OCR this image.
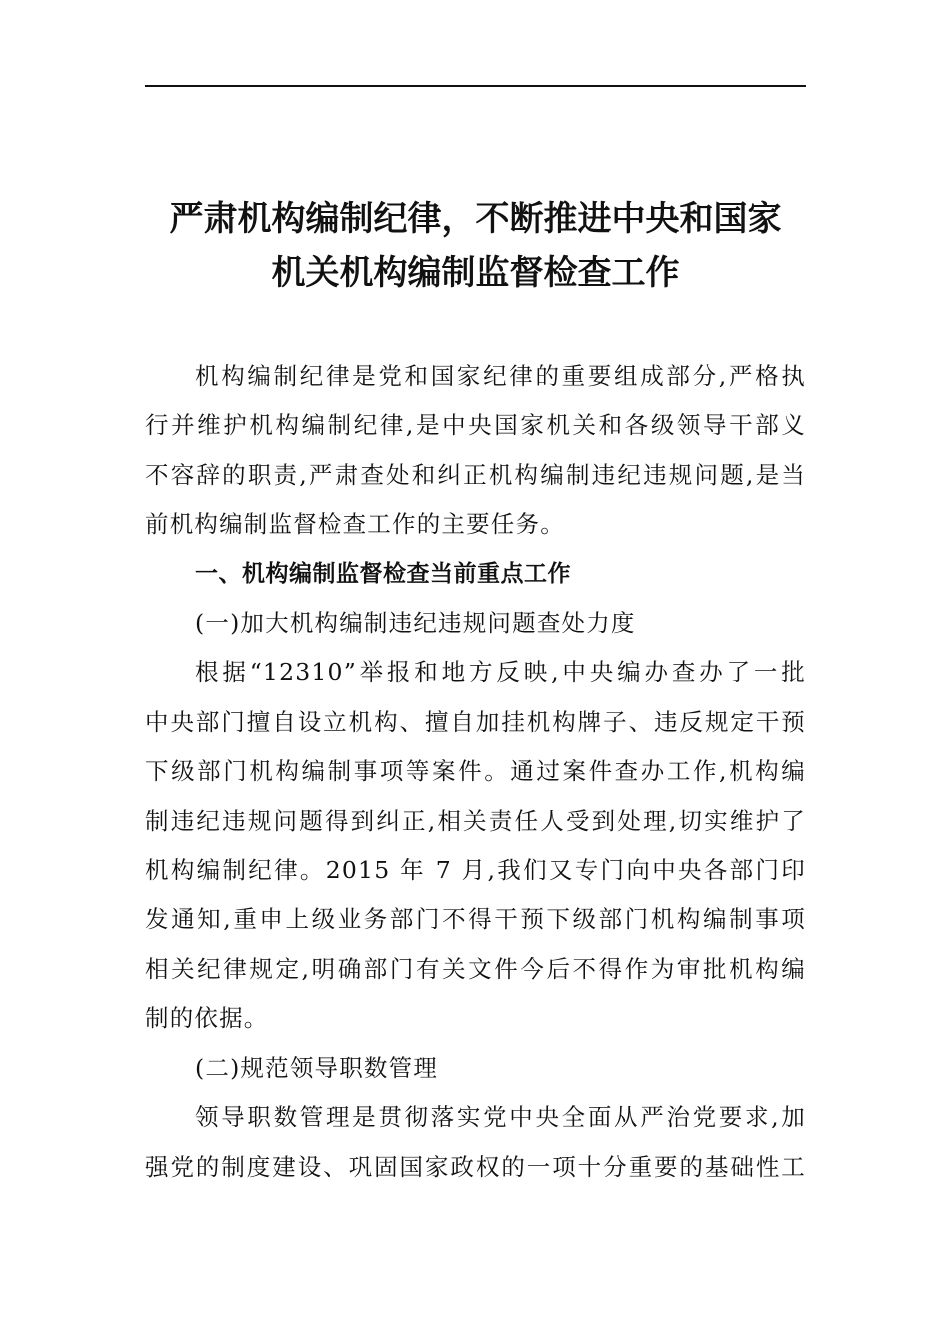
严肃机构编制纪律，不断推进中央和国家
机关机构编制监督检查工作
机构编制纪律是党和国家纪律的重要组成部分,严格执
行并维护机构编制纪律,是中央国家机关和各级领导干部义
不容辞的职责,严肃查处和纠正机构编制违纪违规问题,是当
前机构编制监督检查工作的主要任务。
一、机构编制监督检查当前重点工作
(一)加大机构编制违纪违规问题查处力度
根据“12310”举报和地方反映,中央编办查办了一批
中央部门擅自设立机构、擅自加挂机构牌子、违反规定干预
下级部门机构编制事项等案件。通过案件查办工作,机构编
制违纪违规问题得到纠正,相关责任人受到处理,切实维护了
机构编制纪律。2015 年 7 月,我们又专门向中央各部门印
发通知,重申上级业务部门不得干预下级部门机构编制事项
相关纪律规定,明确部门有关文件今后不得作为审批机构编
制的依据。
(二)规范领导职数管理
领导职数管理是贯彻落实党中央全面从严治党要求,加
强党的制度建设、巩固国家政权的一项十分重要的基础性工
